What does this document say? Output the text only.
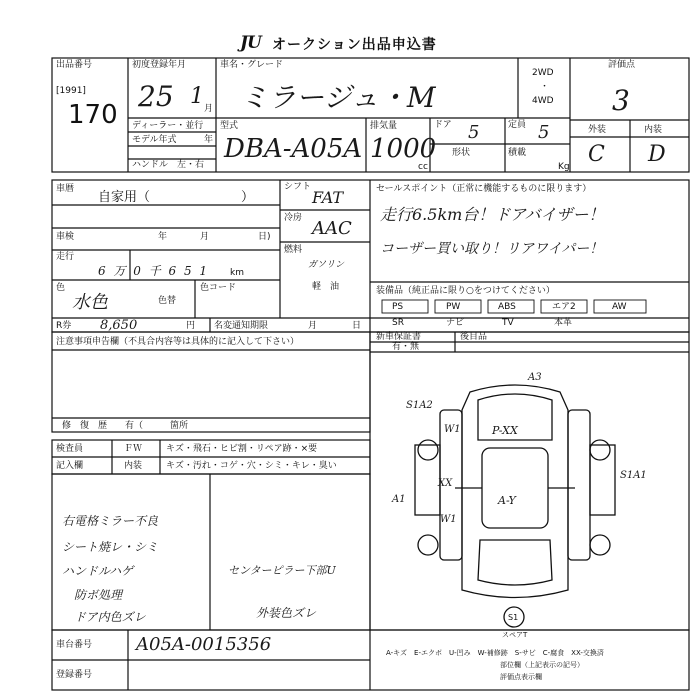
JU オークション出品申込書
出品番号
[1991]
170
初度登録年月
25 1 月
車名・グレード
ミラージュ・M
2WD
・
4WD
評価点
3
外装	内装
C D
ディーラー・並行
モデル年式	年
ハンドル　左・右
型式
DBA-A05A
排気量
1000
cc
ドア 5	定員 5
形状	積載
Kg
車暦
自家用（　　　　　　　）
シフト
FAT
冷房 AAC
燃料
ガソリン
軽　油
車検	年	月	日)
走行
6 万 0 千 6 5 1 km
色
水色	色替
色コード
R券 8,650	円 名変通知期限	月	日
セールスポイント（正常に機能するものに限ります）
走行6.5km台！ドアバイザー！
コーザー買い取り！リアワイパー！
装備品（純正品に限り○をつけてください）
PS	PW	ABS	エア2	AW
SR	ナビ	TV	本革
新車保証書
有・無
後目品
注意事項申告欄（不具合内容等は具体的に記入して下さい）
修　復　歴　　有（　　　箇所
検査員
記入欄
ＦＷ	キズ・飛石・ヒビ割・リペア跡・×要
内装	キズ・汚れ・コゲ・穴・シミ・キレ・臭い
右電格ミラー不良
シート焼レ・シミ
ハンドルハゲ
防ボ処理
ドア内色ズレ
センターピラー下部U
外装色ズレ
A3
S1A2
W1	P-XX
S1A1
A1
XX
W1
A-Y
S1
スペアT
車台番号 A05A-0015356
登録番号
A-キズ　E-エクボ　U-凹み　W-補修跡　S-サビ　C-腐食　XX-交換済
部位欄（上記表示の記号）
評価点表示欄
